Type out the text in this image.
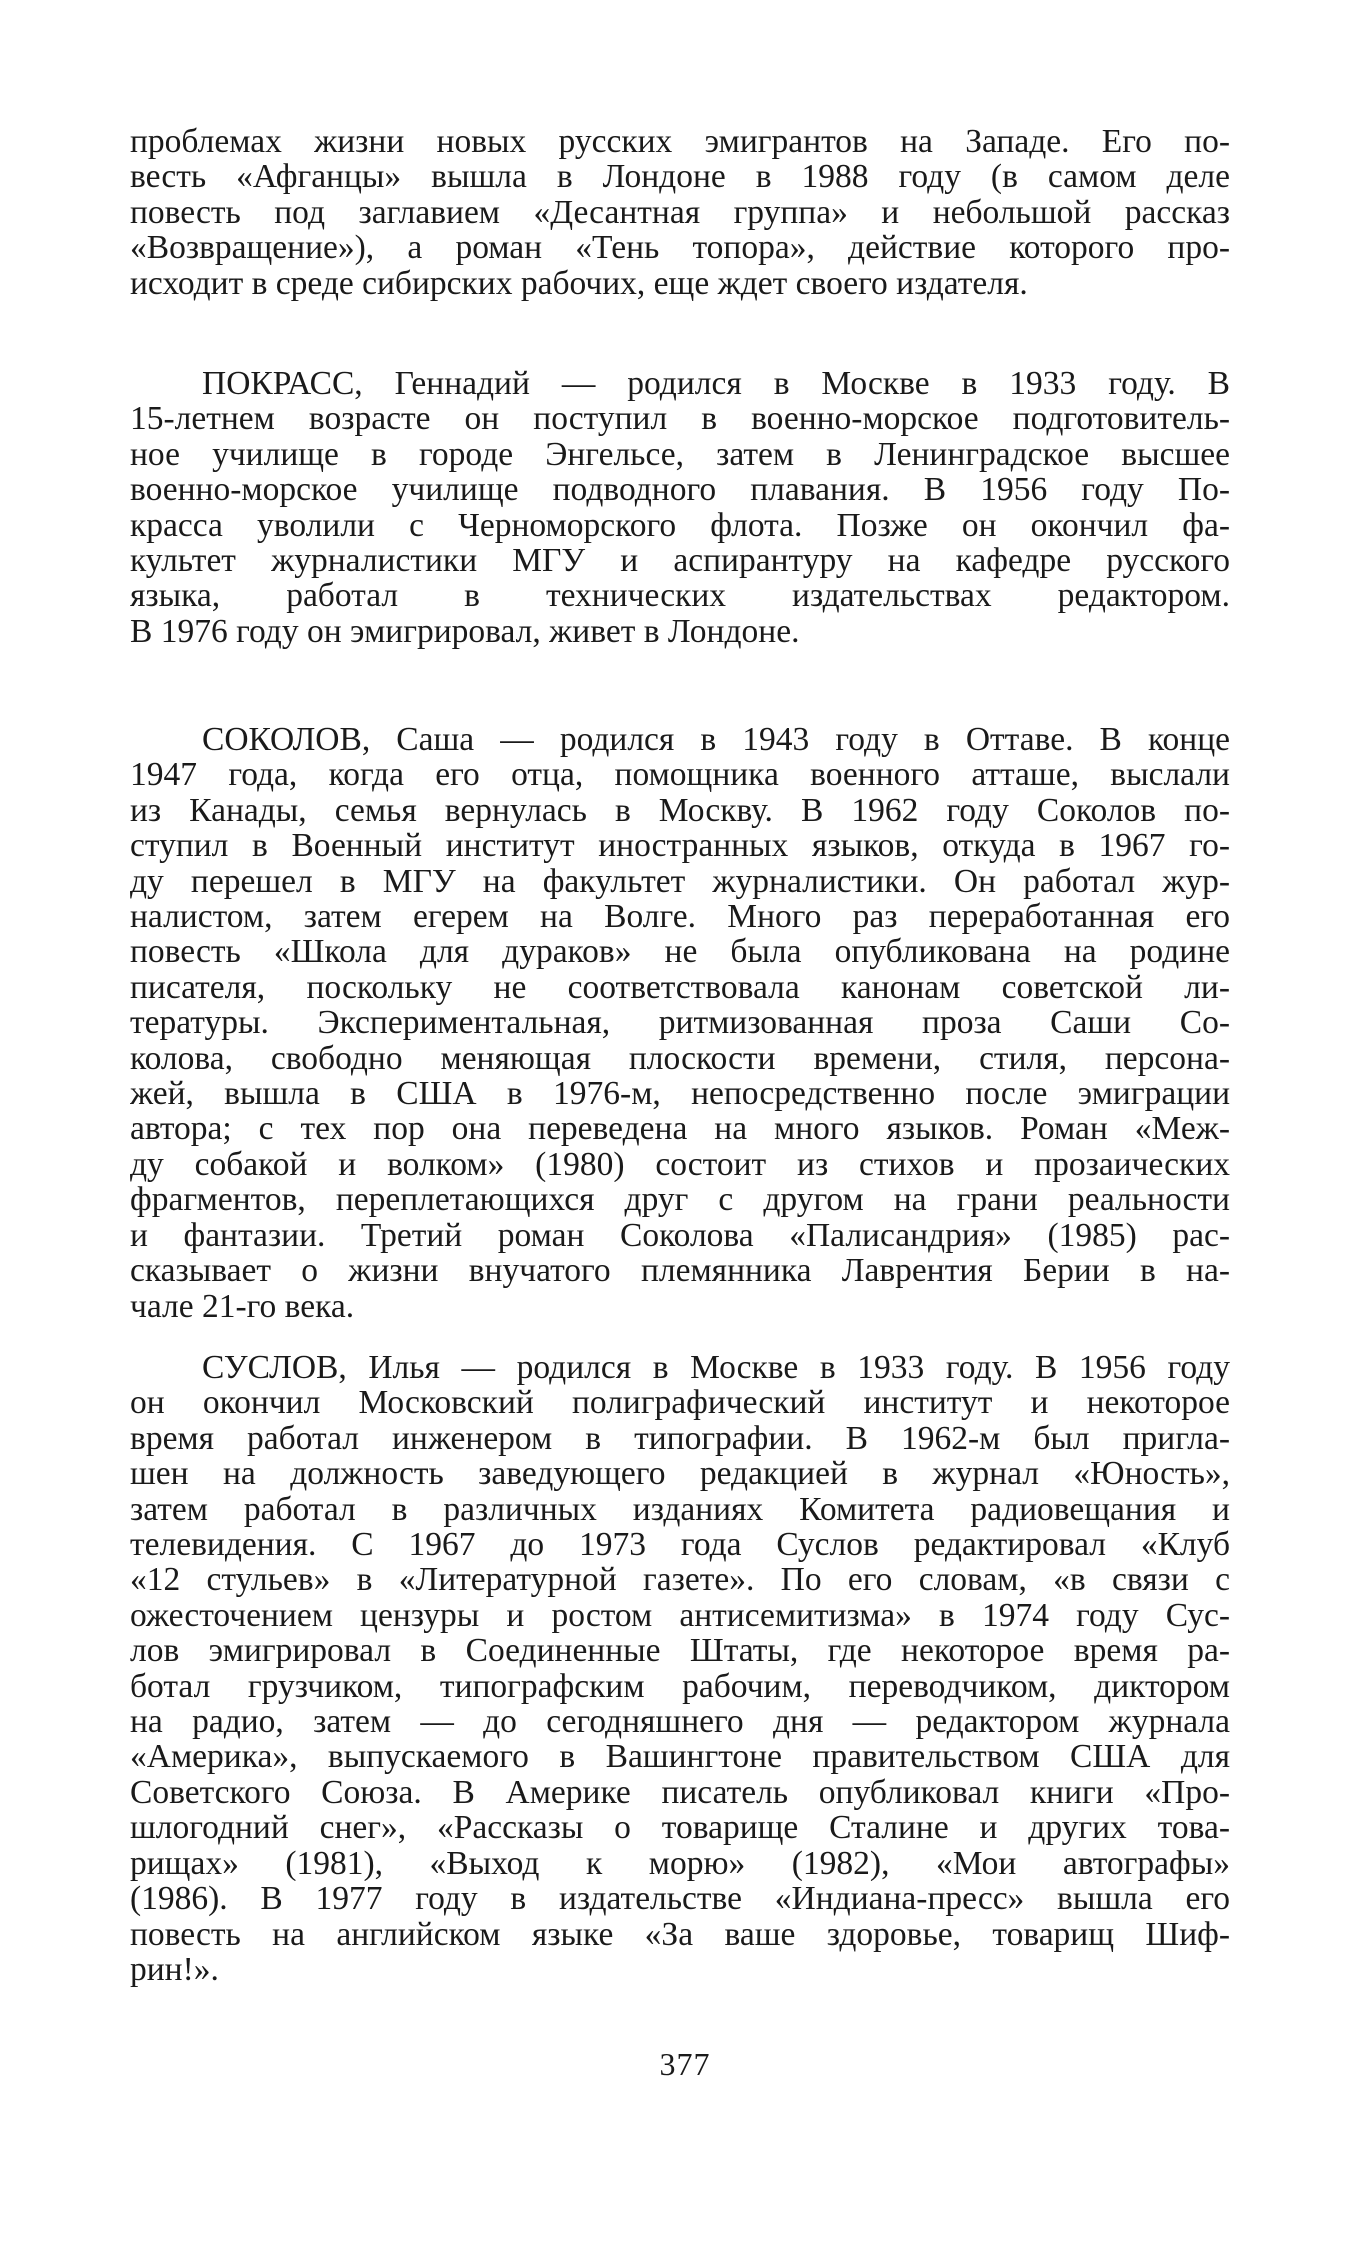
проблемах жизни новых русских эмигрантов на Западе. Его по-
весть «Афганцы» вышла в Лондоне в 1988 году (в самом деле
повесть под заглавием «Десантная группа» и небольшой рассказ
«Возвращение»), а роман «Тень топора», действие которого про-
исходит в среде сибирских рабочих, еще ждет своего издателя.
ПОКРАСС, Геннадий — родился в Москве в 1933 году. В
15-летнем возрасте он поступил в военно-морское подготовитель-
ное училище в городе Энгельсе, затем в Ленинградское высшее
военно-морское училище подводного плавания. В 1956 году По-
красса уволили с Черноморского флота. Позже он окончил фа-
культет журналистики МГУ и аспирантуру на кафедре русского
языка, работал в технических издательствах редактором.
В 1976 году он эмигрировал, живет в Лондоне.
СОКОЛОВ, Саша — родился в 1943 году в Оттаве. В конце
1947 года, когда его отца, помощника военного атташе, выслали
из Канады, семья вернулась в Москву. В 1962 году Соколов по-
ступил в Военный институт иностранных языков, откуда в 1967 го-
ду перешел в МГУ на факультет журналистики. Он работал жур-
налистом, затем егерем на Волге. Много раз переработанная его
повесть «Школа для дураков» не была опубликована на родине
писателя, поскольку не соответствовала канонам советской ли-
тературы. Экспериментальная, ритмизованная проза Саши Со-
колова, свободно меняющая плоскости времени, стиля, персона-
жей, вышла в США в 1976-м, непосредственно после эмиграции
автора; с тех пор она переведена на много языков. Роман «Меж-
ду собакой и волком» (1980) состоит из стихов и прозаических
фрагментов, переплетающихся друг с другом на грани реальности
и фантазии. Третий роман Соколова «Палисандрия» (1985) рас-
сказывает о жизни внучатого племянника Лаврентия Берии в на-
чале 21-го века.
СУСЛОВ, Илья — родился в Москве в 1933 году. В 1956 году
он окончил Московский полиграфический институт и некоторое
время работал инженером в типографии. В 1962-м был пригла-
шен на должность заведующего редакцией в журнал «Юность»,
затем работал в различных изданиях Комитета радиовещания и
телевидения. С 1967 до 1973 года Суслов редактировал «Клуб
«12 стульев» в «Литературной газете». По его словам, «в связи с
ожесточением цензуры и ростом антисемитизма» в 1974 году Сус-
лов эмигрировал в Соединенные Штаты, где некоторое время ра-
ботал грузчиком, типографским рабочим, переводчиком, диктором
на радио, затем — до сегодняшнего дня — редактором журнала
«Америка», выпускаемого в Вашингтоне правительством США для
Советского Союза. В Америке писатель опубликовал книги «Про-
шлогодний снег», «Рассказы о товарище Сталине и других това-
рищах» (1981), «Выход к морю» (1982), «Мои автографы»
(1986). В 1977 году в издательстве «Индиана-пресс» вышла его
повесть на английском языке «За ваше здоровье, товарищ Шиф-
рин!».
377
